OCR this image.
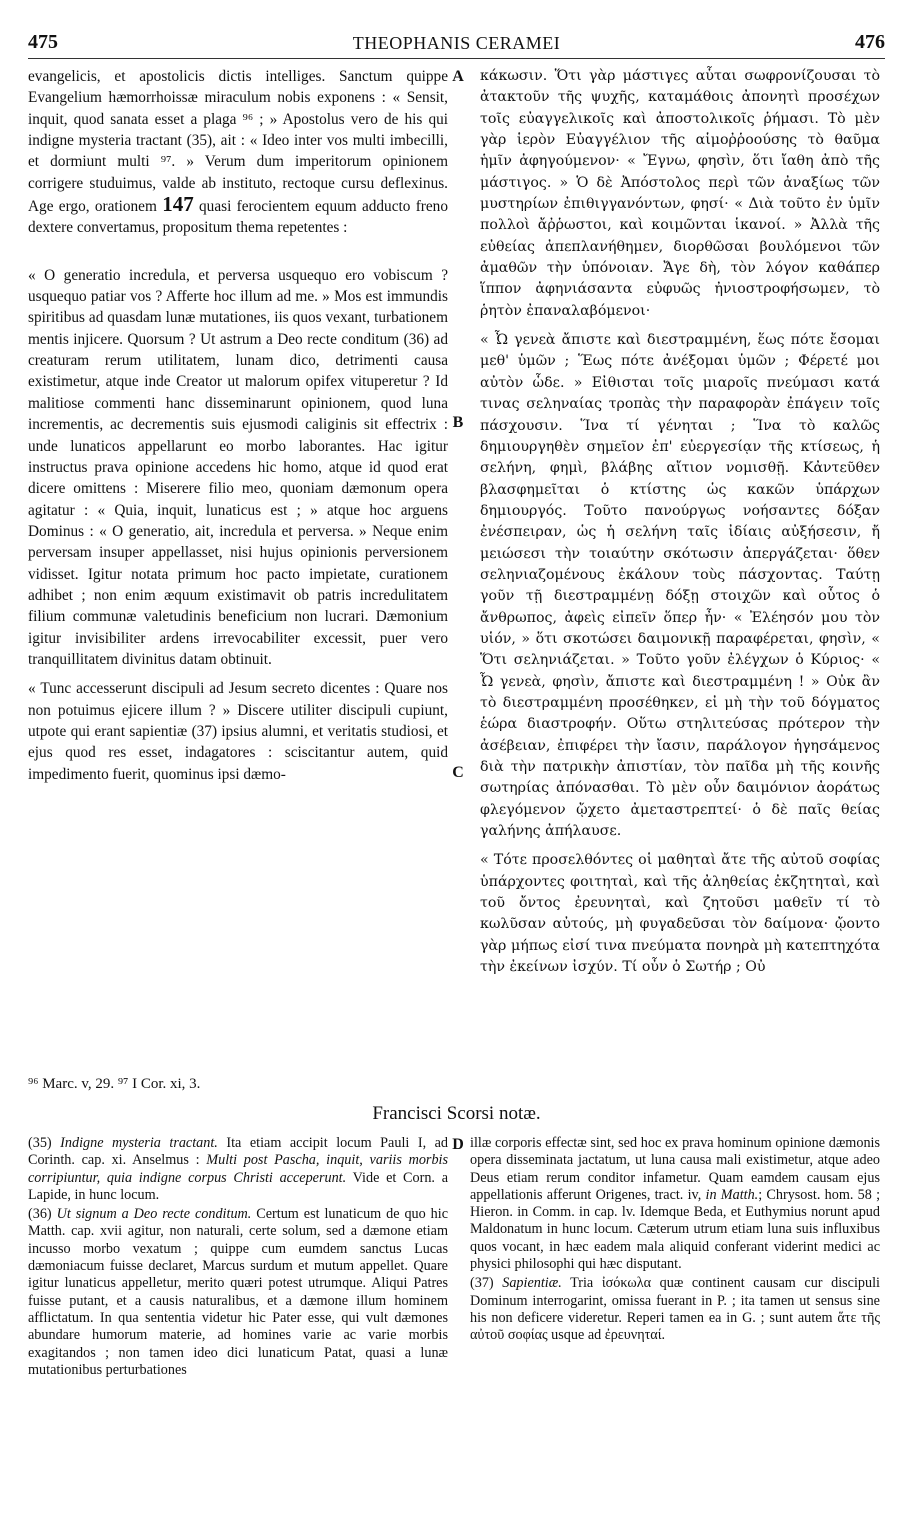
475	THEOPHANIS CERAMEI	476

evangelicis, et apostolicis dictis intelliges. Sanctum quippe Evangelium hæmorrhoissæ miraculum nobis exponens : « Sensit, inquit, quod sanata esset a plaga ⁹⁶ ; » Apostolus vero de his qui indigne mysteria tractant (35), ait : « Ideo inter vos multi imbecilli, et dormiunt multi ⁹⁷. » Verum dum imperitorum opinionem corrigere studuimus, valde ab instituto, rectoque cursu deflexinus. Age ergo, orationem 147 quasi ferocientem equum adducto freno dextere convertamus, propositum thema repetentes :

« O generatio incredula, et perversa usquequo ero vobiscum ? usquequo patiar vos ? Afferte hoc illum ad me. » Mos est immundis spiritibus ad quasdam lunæ mutationes, iis quos vexant, turbationem mentis injicere. Quorsum ? Ut astrum a Deo recte conditum (36) ad creaturam rerum utilitatem, lunam dico, detrimenti causa existimetur, atque inde Creator ut malorum opifex vituperetur ? Id malitiose commenti hanc disseminarunt opinionem, quod luna incrementis, ac decrementis suis ejusmodi caliginis sit effectrix : unde lunaticos appellarunt eo morbo laborantes. Hac igitur instructus prava opinione accedens hic homo, atque id quod erat dicere omittens : Miserere filio meo, quoniam dæmonum opera agitatur : « Quia, inquit, lunaticus est ; » atque hoc arguens Dominus : « O generatio, ait, incredula et perversa. » Neque enim perversam insuper appellasset, nisi hujus opinionis perversionem vidisset. Igitur notata primum hoc pacto impietate, curationem adhibet ; non enim æquum existimavit ob patris incredulitatem filium communæ valetudinis beneficium non lucrari. Dæmonium igitur invisibiliter ardens irrevocabiliter excessit, puer vero tranquillitatem divinitus datam obtinuit.

« Tunc accesserunt discipuli ad Jesum secreto dicentes : Quare nos non potuimus ejicere illum ? » Discere utiliter discipuli cupiunt, utpote qui erant sapientiæ (37) ipsius alumni, et veritatis studiosi, et ejus quod res esset, indagatores : sciscitantur autem, quid impedimento fuerit, quominus ipsi dæmo-

A
B
C
D

κάκωσιν. Ὅτι γὰρ μάστιγες αὗται σωφρονίζουσαι τὸ ἀτακτοῦν τῆς ψυχῆς, καταμάθοις ἀπονητὶ προσέχων τοῖς εὐαγγελικοῖς καὶ ἀποστολικοῖς ῥήμασι. Τὸ μὲν γὰρ ἱερὸν Εὐαγγέλιον τῆς αἱμοῤῥοούσης τὸ θαῦμα ἡμῖν ἀφηγούμενον· « Ἔγνω, φησὶν, ὅτι ἴαθη ἀπὸ τῆς μάστιγος. » Ὁ δὲ Ἀπόστολος περὶ τῶν ἀναξίως τῶν μυστηρίων ἐπιθιγγανόντων, φησί· « Διὰ τοῦτο ἐν ὑμῖν πολλοὶ ἄῤῥωστοι, καὶ κοιμῶνται ἱκανοί. » Ἀλλὰ τῆς εὐθείας ἀπεπλανήθημεν, διορθῶσαι βουλόμενοι τῶν ἀμαθῶν τὴν ὑπόνοιαν. Ἄγε δὴ, τὸν λόγον καθάπερ ἵππον ἀφηνιάσαντα εὐφυῶς ἠνιοστροφήσωμεν, τὸ ῥητὸν ἐπαναλαβόμενοι·

« Ὦ γενεὰ ἄπιστε καὶ διεστραμμένη, ἕως πότε ἔσομαι μεθ' ὑμῶν ; Ἕως πότε ἀνέξομαι ὑμῶν ; Φέρετέ μοι αὐτὸν ὧδε. » Εἰθισται τοῖς μιαροῖς πνεύμασι κατά τινας σεληναίας τροπὰς τὴν παραφορὰν ἐπάγειν τοῖς πάσχουσιν. Ἵνα τί γένηται ; Ἵνα τὸ καλῶς δημιουργηθὲν σημεῖον ἐπ' εὐεργεσίᾳν τῆς κτίσεως, ἡ σελήνη, φημὶ, βλάβης αἴτιον νομισθῇ. Κἀντεῦθεν βλασφημεῖται ὁ κτίστης ὡς κακῶν ὑπάρχων δημιουργός. Τοῦτο πανούργως νοήσαντες δόξαν ἐνέσπειραν, ὡς ἡ σελήνη ταῖς ἰδίαις αὐξήσεσιν, ἤ μειώσεσι τὴν τοιαύτην σκότωσιν ἀπεργάζεται· ὅθεν σεληνιαζομένους ἐκάλουν τοὺς πάσχοντας. Ταύτῃ γοῦν τῇ διεστραμμένῃ δόξῃ στοιχῶν καὶ οὗτος ὁ ἄνθρωπος, ἀφεὶς εἰπεῖν ὅπερ ἦν· « Ἐλέησόν μου τὸν υἱόν, » ὅτι σκοτώσει δαιμονικῇ παραφέρεται, φησὶν, « Ὅτι σεληνιάζεται. » Τοῦτο γοῦν ἐλέγχων ὁ Κύριος· « Ὦ γενεὰ, φησὶν, ἄπιστε καὶ διεστραμμένη ! » Οὐκ ἂν τὸ διεστραμμένη προσέθηκεν, εἰ μὴ τὴν τοῦ δόγματος ἑώρα διαστροφήν. Οὕτω στηλιτεύσας πρότερον τὴν ἀσέβειαν, ἐπιφέρει τὴν ἴασιν, παράλογον ἡγησάμενος διὰ τὴν πατρικὴν ἀπιστίαν, τὸν παῖδα μὴ τῆς κοινῆς σωτηρίας ἀπόνασθαι. Τὸ μὲν οὖν δαιμόνιον ἀοράτως φλεγόμενον ᾤχετο ἀμεταστρεπτεί· ὁ δὲ παῖς θείας γαλήνης ἀπήλαυσε.

« Τότε προσελθόντες οἱ μαθηταὶ ἄτε τῆς αὐτοῦ σοφίας ὑπάρχοντες φοιτηταὶ, καὶ τῆς ἀληθείας ἐκζητηταὶ, καὶ τοῦ ὄντος ἐρευνηταὶ, καὶ ζητοῦσι μαθεῖν τί τὸ κωλῦσαν αὐτούς, μὴ φυγαδεῦσαι τὸν δαίμονα· ᾤοντο γὰρ μήπως εἰσί τινα πνεύματα πονηρὰ μὴ κατεπτηχότα τὴν ἐκείνων ἰσχύν. Τί οὖν ὁ Σωτήρ ; Οὐ

⁹⁶ Marc. v, 29. ⁹⁷ I Cor. xi, 3.
Francisci Scorsi notæ.

(35) Indigne mysteria tractant. Ita etiam accipit locum Pauli I, ad Corinth. cap. xi. Anselmus : Multi post Pascha, inquit, variis morbis corripiuntur, quia indigne corpus Christi acceperunt. Vide et Corn. a Lapide, in hunc locum.

(36) Ut signum a Deo recte conditum. Certum est lunaticum de quo hic Matth. cap. xvii agitur, non naturali, certe solum, sed a dæmone etiam incusso morbo vexatum ; quippe cum eumdem sanctus Lucas dæmoniacum fuisse declaret, Marcus surdum et mutum appellet. Quare igitur lunaticus appelletur, merito quæri potest utrumque. Aliqui Patres fuisse putant, et a causis naturalibus, et a dæmone illum hominem afflictatum. In qua sententia videtur hic Pater esse, qui vult dæmones abundare humorum materie, ad homines varie ac varie morbis exagitandos ; non tamen ideo dici lunaticum Patat, quasi a lunæ mutationibus perturbationes

illæ corporis effectæ sint, sed hoc ex prava hominum opinione dæmonis opera disseminata jactatum, ut luna causa mali existimetur, atque adeo Deus etiam rerum conditor infametur. Quam eamdem causam ejus appellationis afferunt Origenes, tract. iv, in Matth.; Chrysost. hom. 58 ; Hieron. in Comm. in cap. lv. Idemque Beda, et Euthymius norunt apud Maldonatum in hunc locum. Cæterum utrum etiam luna suis influxibus quos vocant, in hæc eadem mala aliquid conferant viderint medici ac physici philosophi qui hæc disputant.

(37) Sapientiæ. Tria ἰσόκωλα quæ continent causam cur discipuli Dominum interrogarint, omissa fuerant in P. ; ita tamen ut sensus sine his non deficere videretur. Reperi tamen ea in G. ; sunt autem ἅτε τῆς αὐτοῦ σοφίας usque ad ἐρευνηταί.
